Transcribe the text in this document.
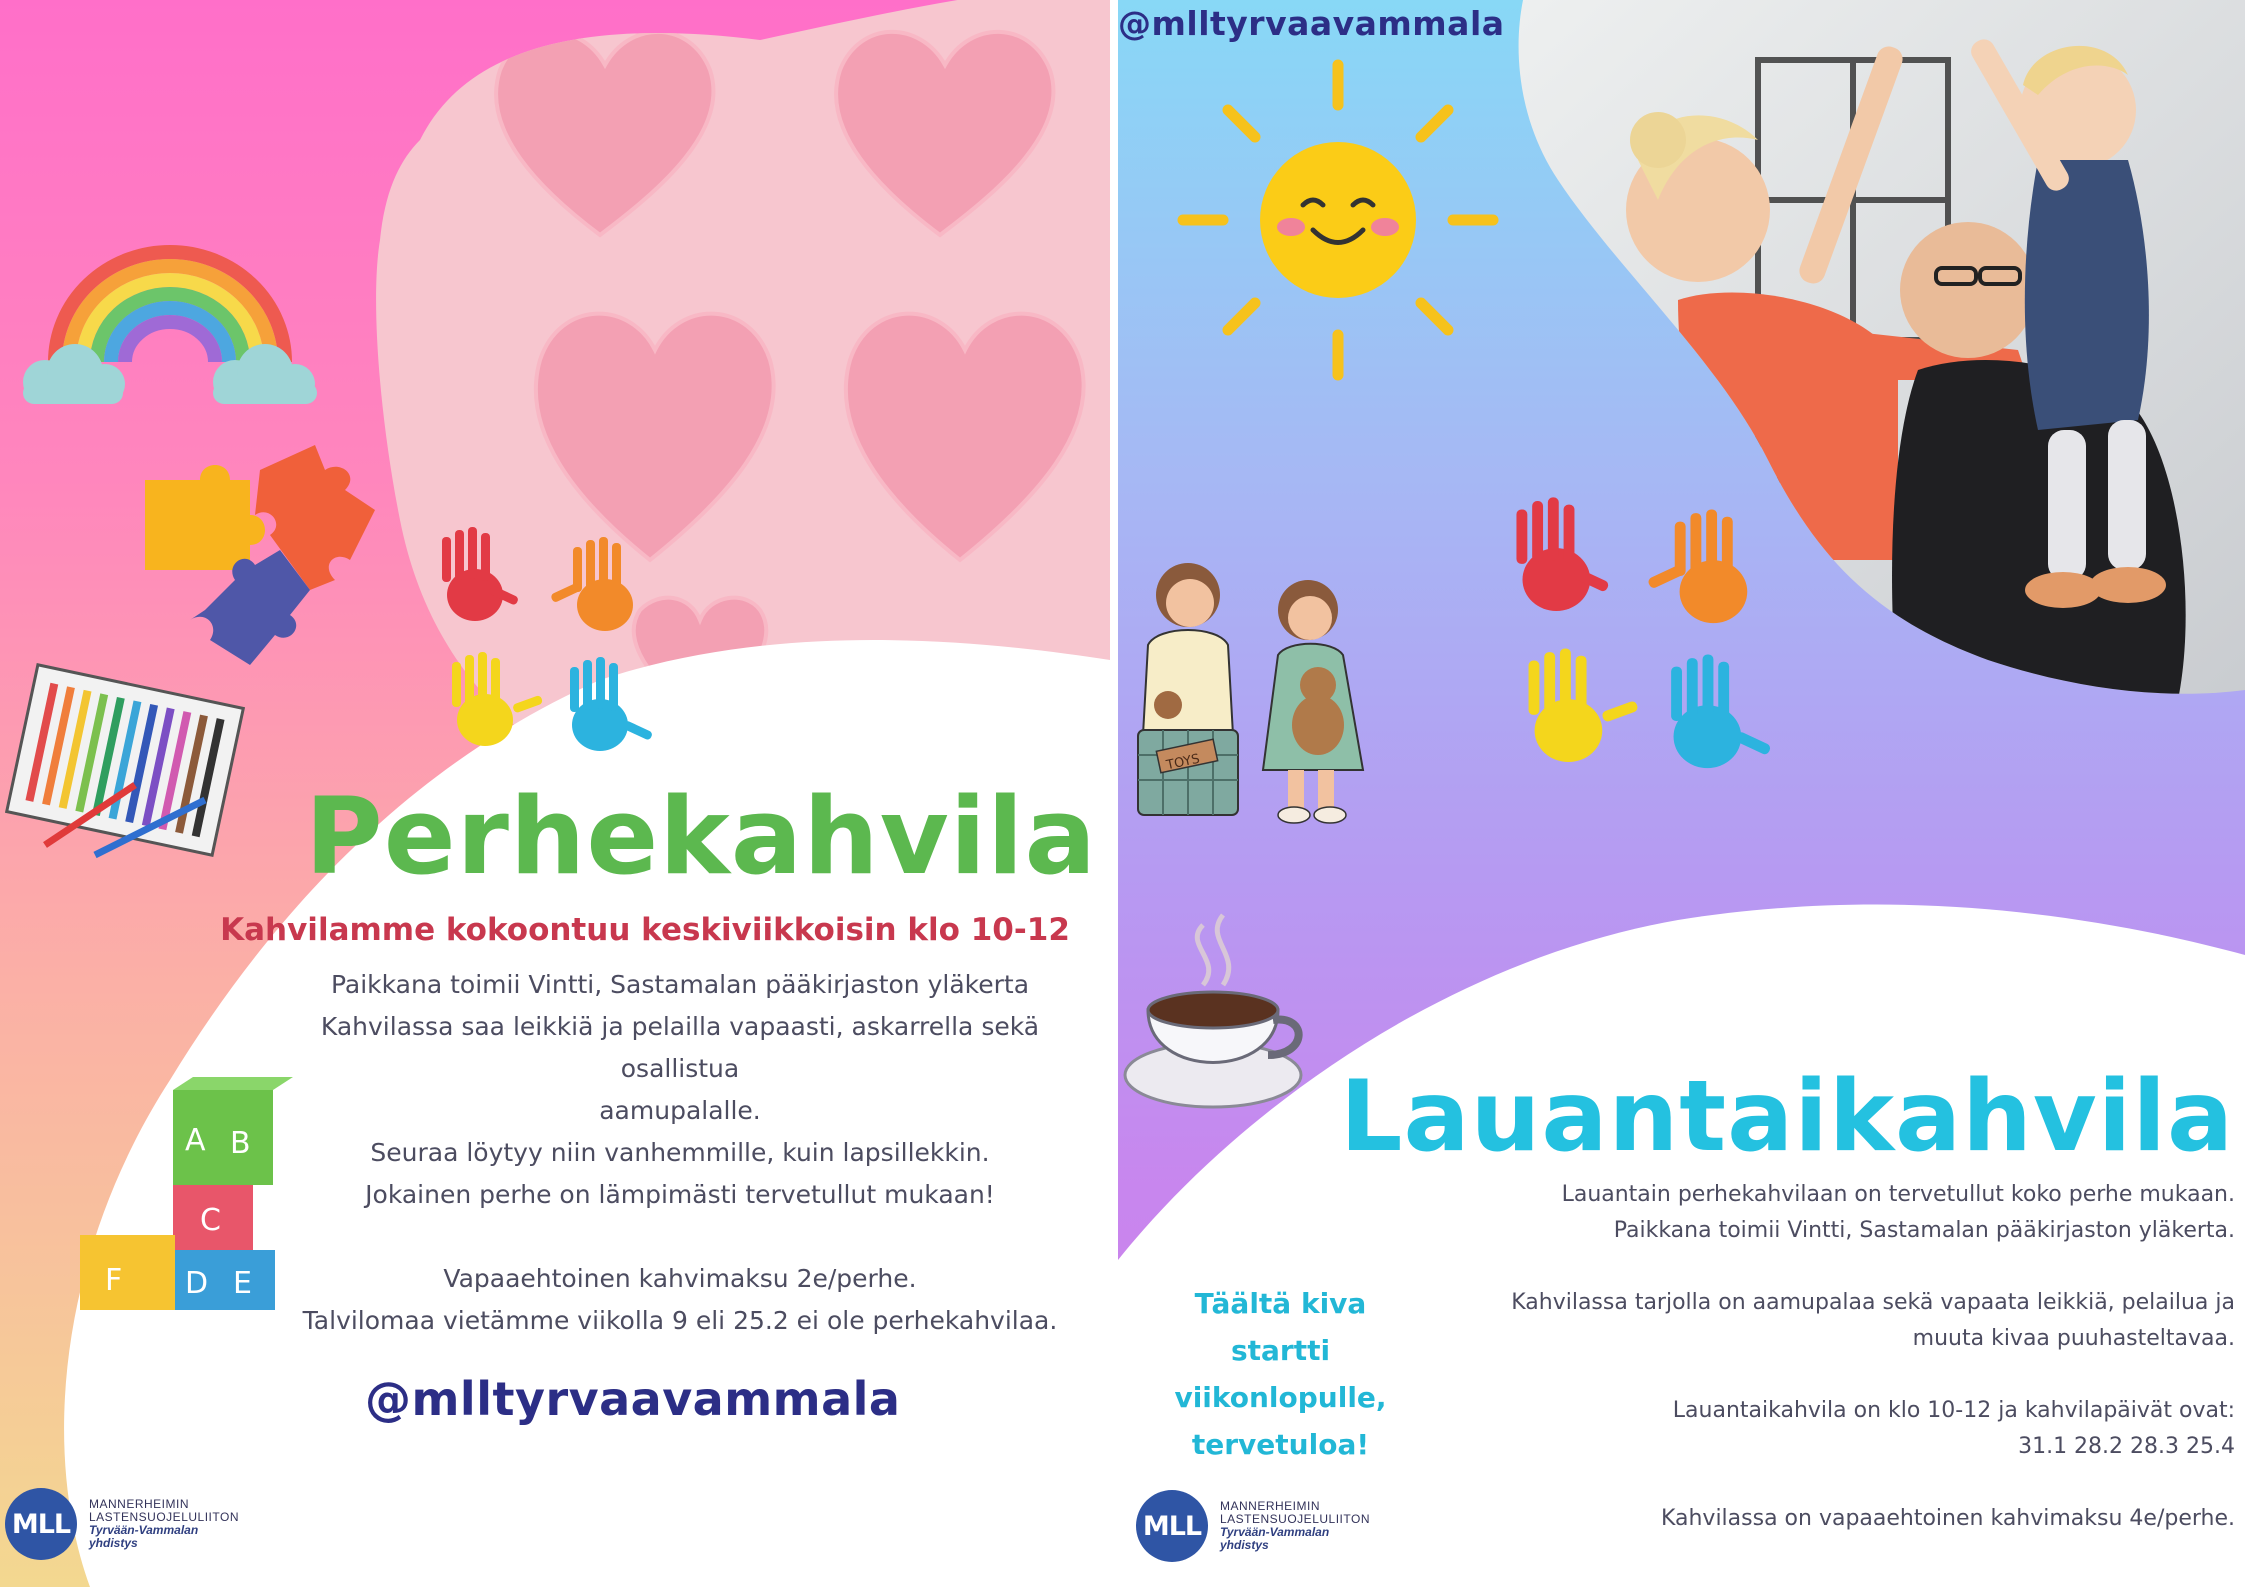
Perhekahvila
Kahvilamme kokoontuu keskiviikkoisin klo 10-12
Paikkana toimii Vintti, Sastamalan pääkirjaston yläkerta
Kahvilassa saa leikkiä ja pelailla vapaasti, askarrella sekä osallistua
aamupalalle.
Seuraa löytyy niin vanhemmille, kuin lapsillekkin.
Jokainen perhe on lämpimästi tervetullut mukaan!
Vapaaehtoinen kahvimaksu 2e/perhe.
Talvilomaa vietämme viikolla 9 eli 25.2 ei ole perhekahvilaa.
A B
C
F D E
@mlltyrvaavammala
MLL
MANNERHEIMIN
LASTENSUOJELULIITON
Tyrvään-Vammalan
yhdistys
@mlltyrvaavammala
TOYS
Lauantaikahvila
Täältä kiva startti
viikonlopulle,
tervetuloa!
Lauantain perhekahvilaan on tervetullut koko perhe mukaan.
Paikkana toimii Vintti, Sastamalan pääkirjaston yläkerta.
Kahvilassa tarjolla on aamupalaa sekä vapaata leikkiä, pelailua ja
muuta kivaa puuhasteltavaa.
Lauantaikahvila on klo 10-12 ja kahvilapäivät ovat:
31.1 28.2 28.3 25.4
Kahvilassa on vapaaehtoinen kahvimaksu 4e/perhe.
MLL
MANNERHEIMIN
LASTENSUOJELULIITON
Tyrvään-Vammalan
yhdistys
